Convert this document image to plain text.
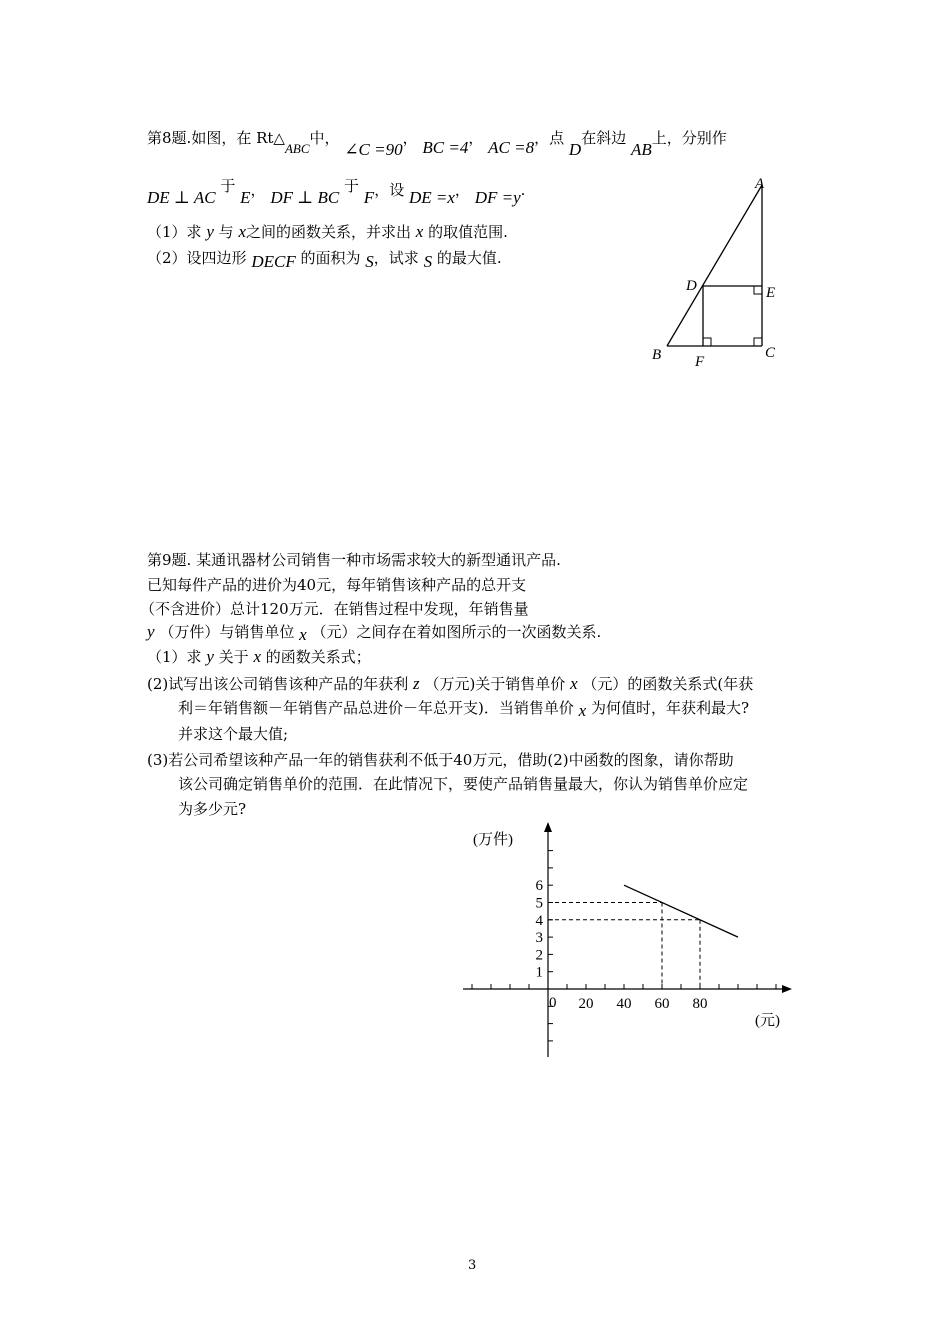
第8题.如图，在 Rt△ABC中， ∠C =90， BC =4， AC =8，点 D在斜边 AB上，分别作
DE ⊥ AC 于 E， DF ⊥ BC 于 F，设 DE =x， DF =y.
（1）求 y 与 x之间的函数关系，并求出 x 的取值范围.
（2）设四边形 DECF 的面积为 S，试求 S 的最大值.
A
D	E
B F
C
第9题. 某通讯器材公司销售一种市场需求较大的新型通讯产品.
已知每件产品的进价为40元，每年销售该种产品的总开支
（不含进价）总计120万元．在销售过程中发现，年销售量
y （万件）与销售单位 x （元）之间存在着如图所示的一次函数关系.
（1）求 y 关于 x 的函数关系式；
(2)试写出该公司销售该种产品的年获利 z （万元)关于销售单价 x （元）的函数关系式(年获
利＝年销售额－年销售产品总进价－年总开支)．当销售单价 x 为何值时，年获利最大?
并求这个最大值;
(3)若公司希望该种产品一年的销售获利不低于40万元，借助(2)中函数的图象，请你帮助
该公司确定销售单价的范围．在此情况下，要使产品销售量最大，你认为销售单价应定
为多少元?
1
2
3
4
5
6
0 20 40 60 80
(万件)
(元)
3
